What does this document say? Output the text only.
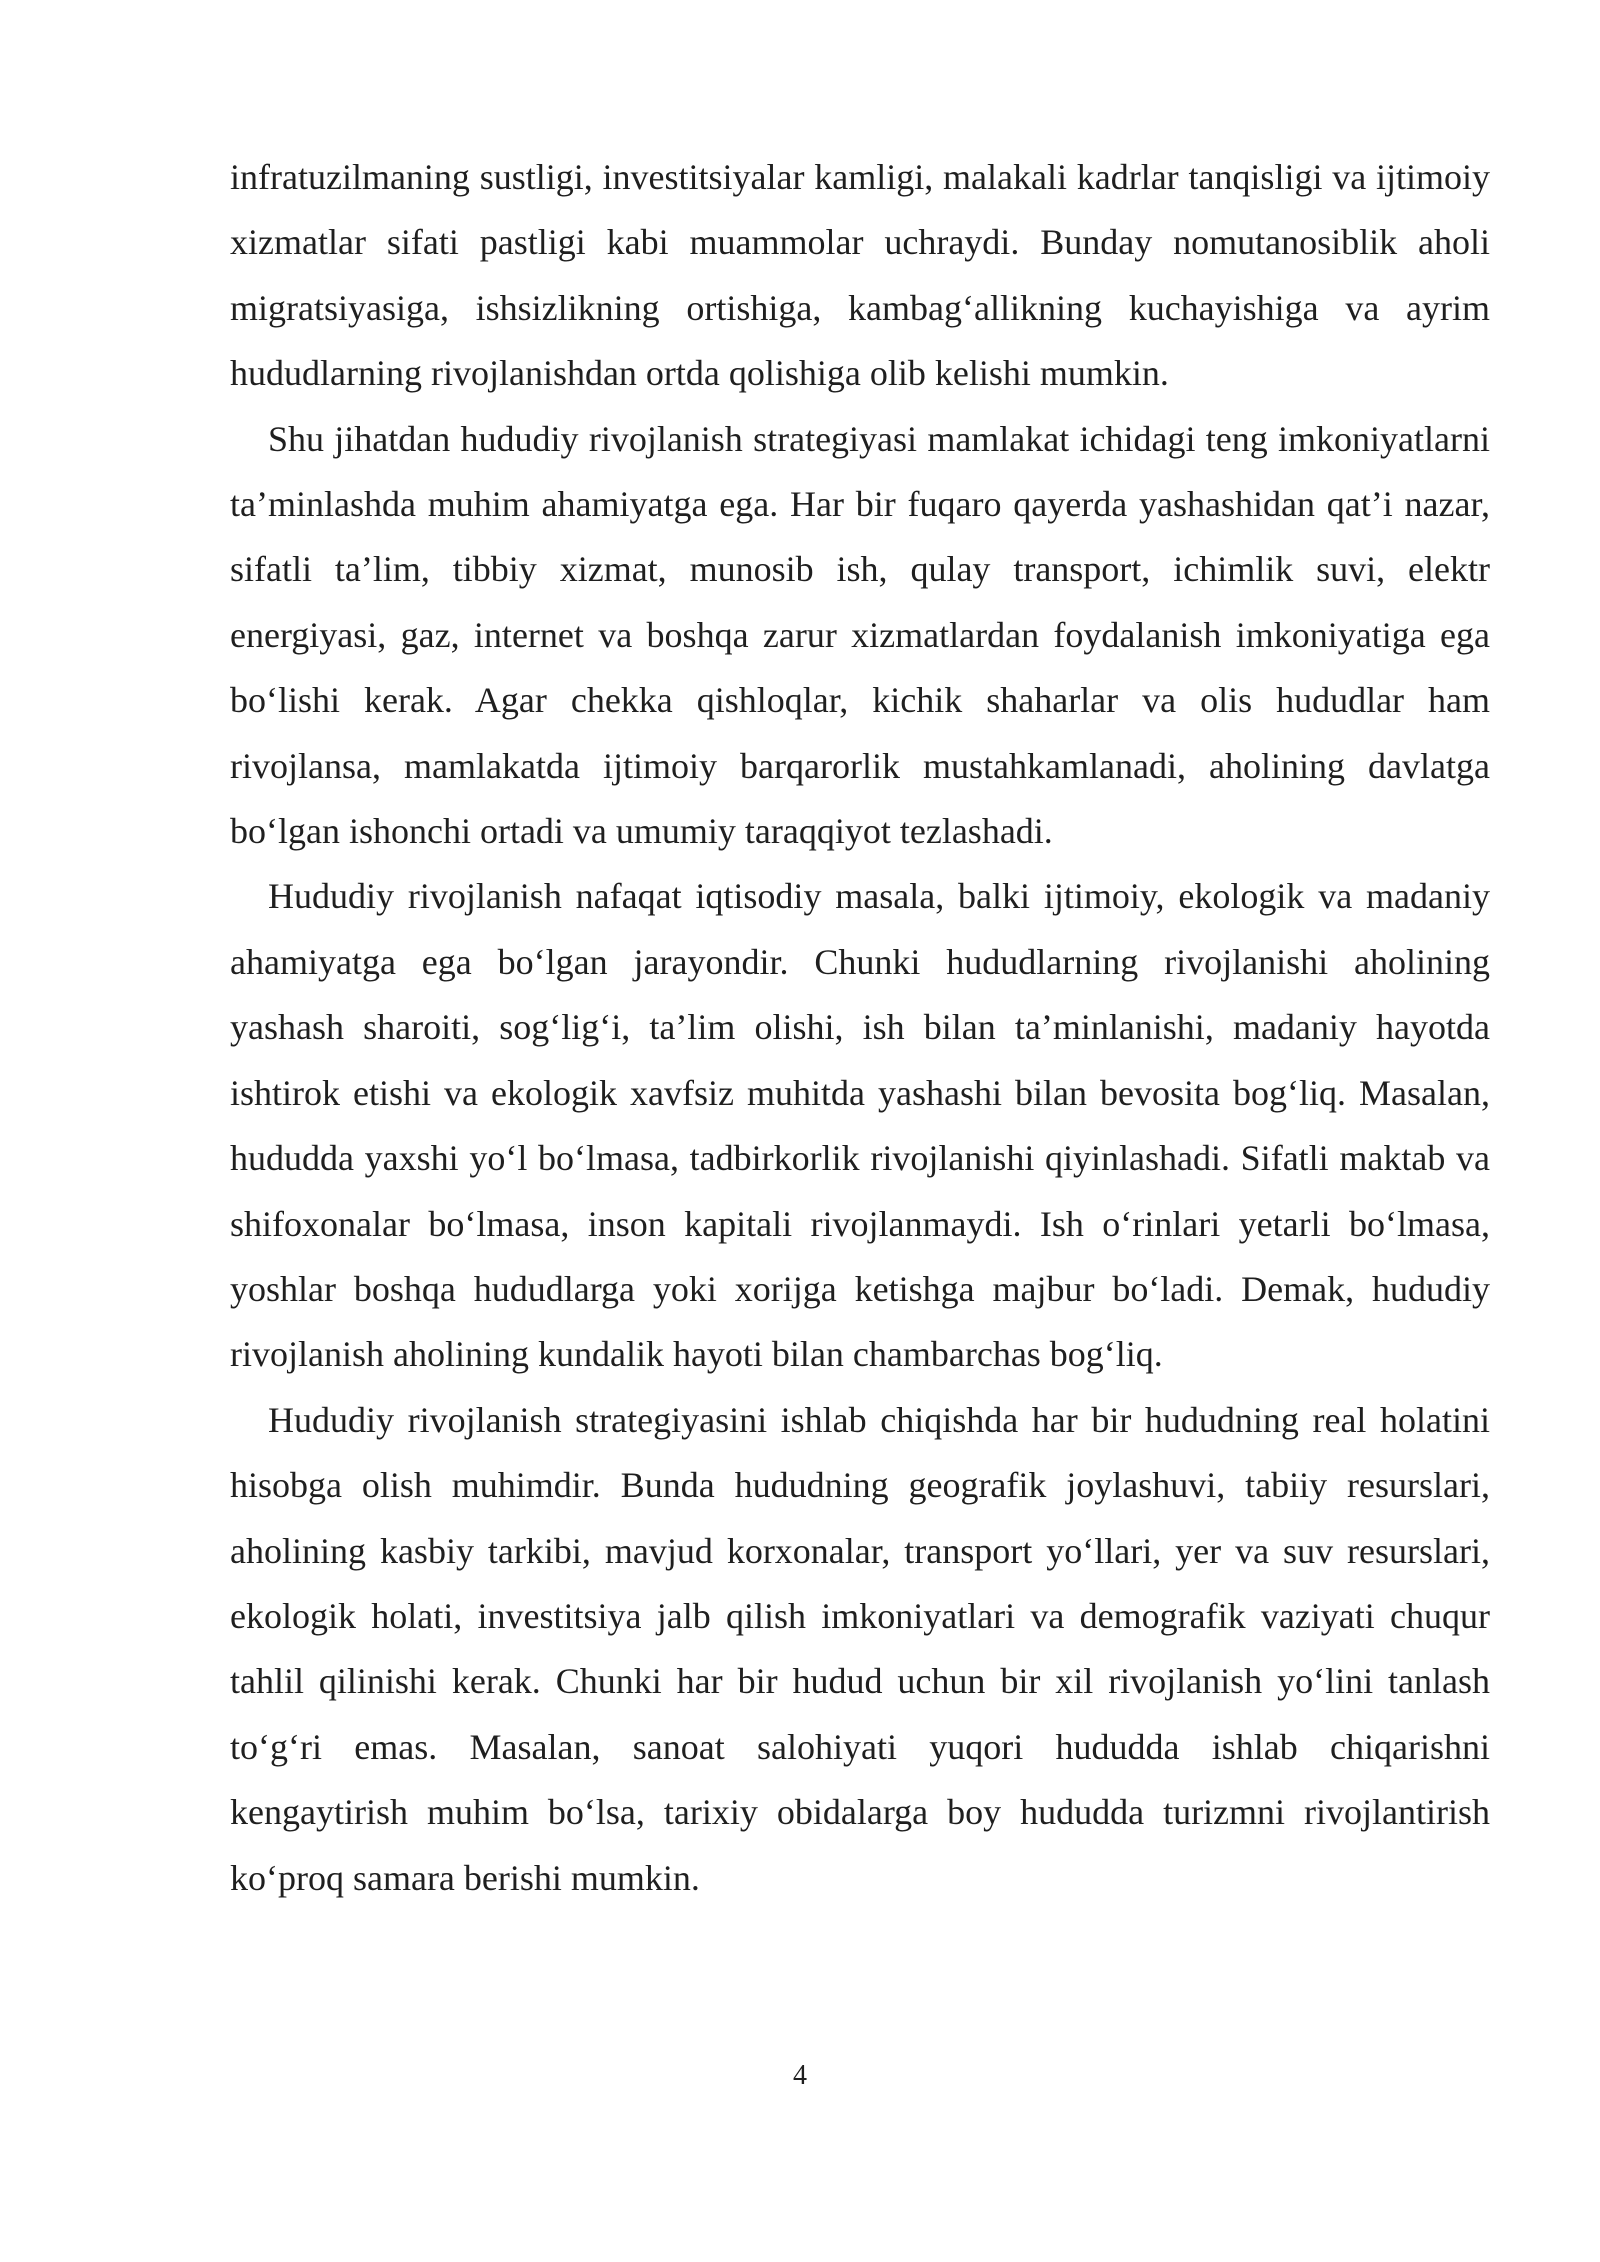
infratuzilmaning sustligi, investitsiyalar kamligi, malakali kadrlar tanqisligi va ijtimoiy xizmatlar sifati pastligi kabi muammolar uchraydi. Bunday nomutanosiblik aholi migratsiyasiga, ishsizlikning ortishiga, kambag‘allikning kuchayishiga va ayrim hududlarning rivojlanishdan ortda qolishiga olib kelishi mumkin.

Shu jihatdan hududiy rivojlanish strategiyasi mamlakat ichidagi teng imkoniyatlarni ta’minlashda muhim ahamiyatga ega. Har bir fuqaro qayerda yashashidan qat’i nazar, sifatli ta’lim, tibbiy xizmat, munosib ish, qulay transport, ichimlik suvi, elektr energiyasi, gaz, internet va boshqa zarur xizmatlardan foydalanish imkoniyatiga ega bo‘lishi kerak. Agar chekka qishloqlar, kichik shaharlar va olis hududlar ham rivojlansa, mamlakatda ijtimoiy barqarorlik mustahkamlanadi, aholining davlatga bo‘lgan ishonchi ortadi va umumiy taraqqiyot tezlashadi.

Hududiy rivojlanish nafaqat iqtisodiy masala, balki ijtimoiy, ekologik va madaniy ahamiyatga ega bo‘lgan jarayondir. Chunki hududlarning rivojlanishi aholining yashash sharoiti, sog‘lig‘i, ta’lim olishi, ish bilan ta’minlanishi, madaniy hayotda ishtirok etishi va ekologik xavfsiz muhitda yashashi bilan bevosita bog‘liq. Masalan, hududda yaxshi yo‘l bo‘lmasa, tadbirkorlik rivojlanishi qiyinlashadi. Sifatli maktab va shifoxonalar bo‘lmasa, inson kapitali rivojlanmaydi. Ish o‘rinlari yetarli bo‘lmasa, yoshlar boshqa hududlarga yoki xorijga ketishga majbur bo‘ladi. Demak, hududiy rivojlanish aholining kundalik hayoti bilan chambarchas bog‘liq.

Hududiy rivojlanish strategiyasini ishlab chiqishda har bir hududning real holatini hisobga olish muhimdir. Bunda hududning geografik joylashuvi, tabiiy resurslari, aholining kasbiy tarkibi, mavjud korxonalar, transport yo‘llari, yer va suv resurslari, ekologik holati, investitsiya jalb qilish imkoniyatlari va demografik vaziyati chuqur tahlil qilinishi kerak. Chunki har bir hudud uchun bir xil rivojlanish yo‘lini tanlash to‘g‘ri emas. Masalan, sanoat salohiyati yuqori hududda ishlab chiqarishni kengaytirish muhim bo‘lsa, tarixiy obidalarga boy hududda turizmni rivojlantirish ko‘proq samara berishi mumkin.

4
